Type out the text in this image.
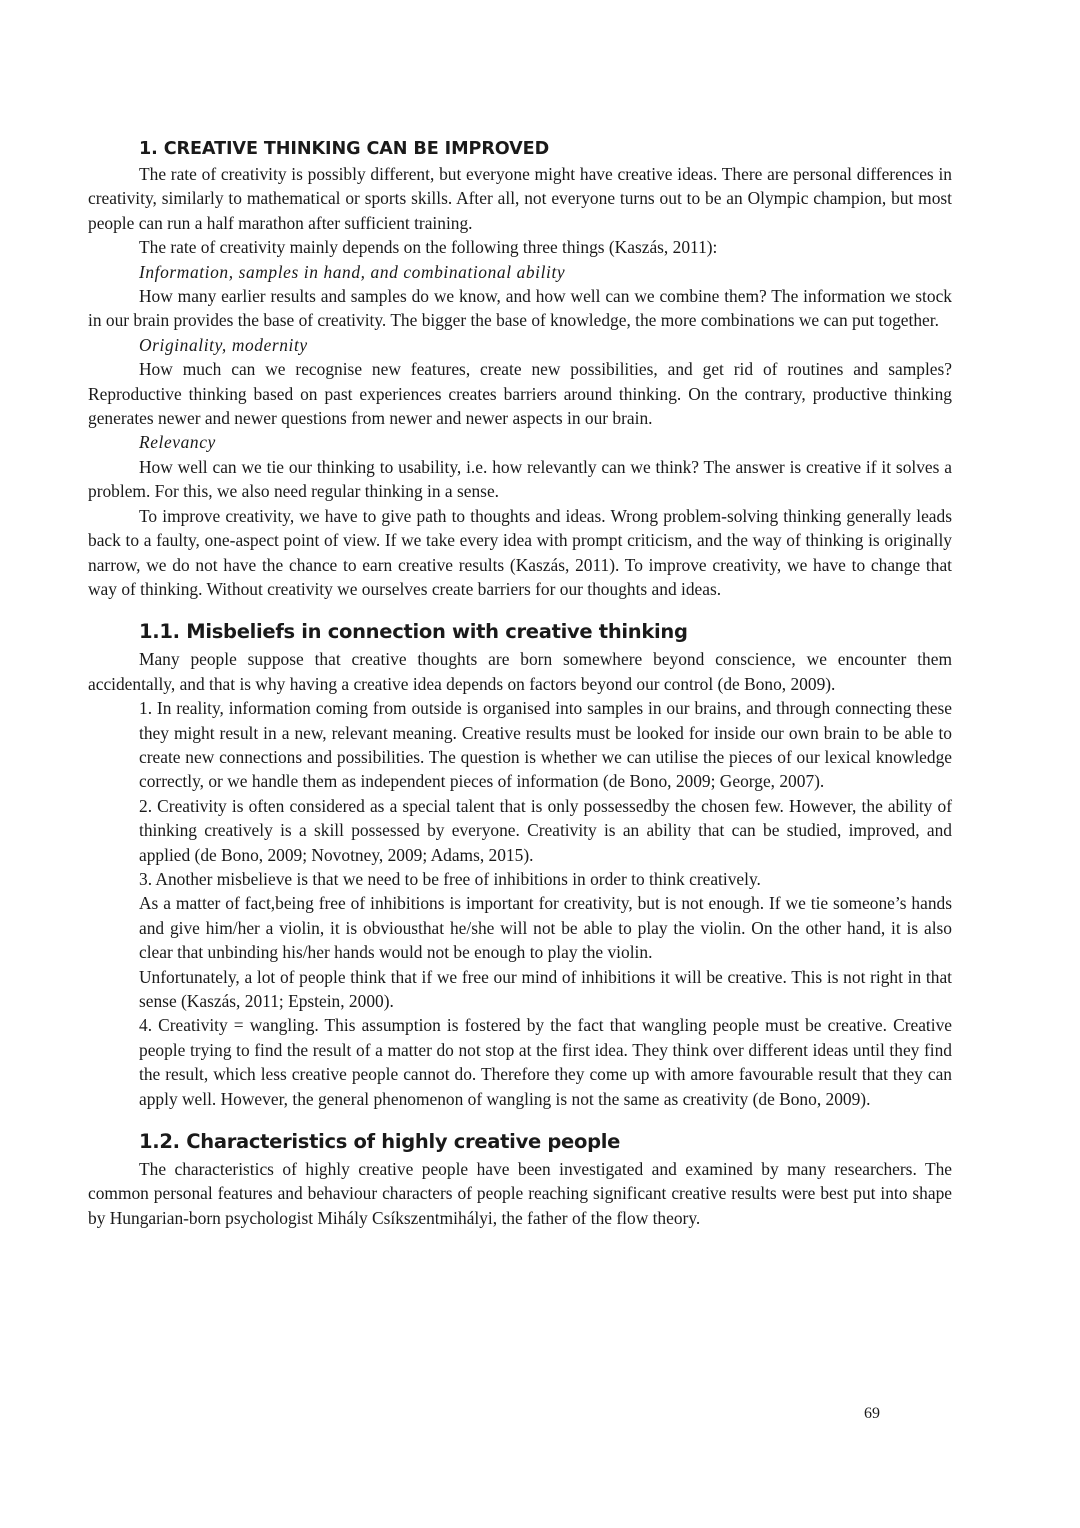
1. CREATIVE THINKING CAN BE IMPROVED

The rate of creativity is possibly different, but everyone might have creative ideas. There are personal differences in creativity, similarly to mathematical or sports skills. After all, not everyone turns out to be an Olympic champion, but most people can run a half marathon after sufficient training.

The rate of creativity mainly depends on the following three things (Kaszás, 2011):

Information, samples in hand, and combinational ability

How many earlier results and samples do we know, and how well can we combine them? The information we stock in our brain provides the base of creativity. The bigger the base of knowledge, the more combinations we can put together.

Originality, modernity

How much can we recognise new features, create new possibilities, and get rid of routines and samples? Reproductive thinking based on past experiences creates barriers around thinking. On the contrary, productive thinking generates newer and newer questions from newer and newer aspects in our brain.

Relevancy

How well can we tie our thinking to usability, i.e. how relevantly can we think? The answer is creative if it solves a problem. For this, we also need regular thinking in a sense.

To improve creativity, we have to give path to thoughts and ideas. Wrong problem-solving thinking generally leads back to a faulty, one-aspect point of view. If we take every idea with prompt criticism, and the way of thinking is originally narrow, we do not have the chance to earn creative results (Kaszás, 2011). To improve creativity, we have to change that way of thinking. Without creativity we ourselves create barriers for our thoughts and ideas.

1.1. Misbeliefs in connection with creative thinking

Many people suppose that creative thoughts are born somewhere beyond conscience, we encounter them accidentally, and that is why having a creative idea depends on factors beyond our control (de Bono, 2009).

1. In reality, information coming from outside is organised into samples in our brains, and through connecting these they might result in a new, relevant meaning. Creative results must be looked for inside our own brain to be able to create new connections and possibilities. The question is whether we can utilise the pieces of our lexical knowledge correctly, or we handle them as independent pieces of information (de Bono, 2009; George, 2007).

2. Creativity is often considered as a special talent that is only possessedby the chosen few. However, the ability of thinking creatively is a skill possessed by everyone. Creativity is an ability that can be studied, improved, and applied (de Bono, 2009; Novotney, 2009; Adams, 2015).

3. Another misbelieve is that we need to be free of inhibitions in order to think creatively.

As a matter of fact,being free of inhibitions is important for creativity, but is not enough. If we tie someone’s hands and give him/her a violin, it is obviousthat he/she will not be able to play the violin. On the other hand, it is also clear that unbinding his/her hands would not be enough to play the violin.

Unfortunately, a lot of people think that if we free our mind of inhibitions it will be creative. This is not right in that sense (Kaszás, 2011; Epstein, 2000).

4. Creativity = wangling. This assumption is fostered by the fact that wangling people must be creative. Creative people trying to find the result of a matter do not stop at the first idea. They think over different ideas until they find the result, which less creative people cannot do. Therefore they come up with amore favourable result that they can apply well. However, the general phenomenon of wangling is not the same as creativity (de Bono, 2009).

1.2. Characteristics of highly creative people

The characteristics of highly creative people have been investigated and examined by many researchers. The common personal features and behaviour characters of people reaching significant creative results were best put into shape by Hungarian-born psychologist Mihály Csíkszentmihályi, the father of the flow theory.

69
